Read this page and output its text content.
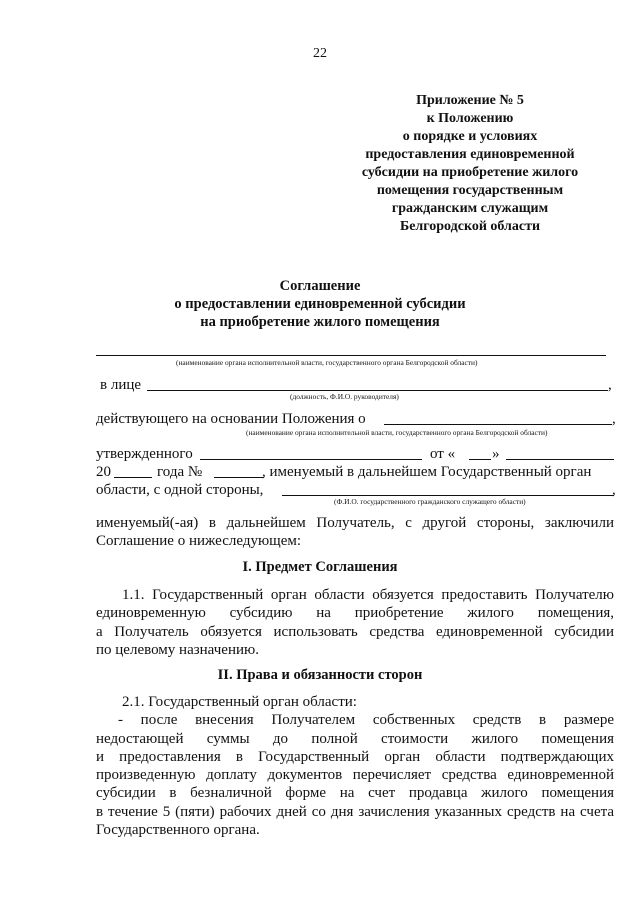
22
Приложение № 5
к Положению
о порядке и условиях
предоставления единовременной
субсидии на приобретение жилого
помещения государственным
гражданским служащим
Белгородской области
Соглашение
о предоставлении единовременной субсидии
на приобретение жилого помещения
(наименование органа исполнительной власти, государственного органа Белгородской области)
в лице	,
(должность, Ф.И.О. руководителя)
действующего на основании Положения о	,
(наименование органа исполнительной власти, государственного органа Белгородской области)
утвержденного	от « »
20	года №	, именуемый в дальнейшем Государственный орган
области, с одной стороны,	,
(Ф.И.О. государственного гражданского служащего области)
именуемый(-ая) в дальнейшем Получатель, с другой стороны, заключили
Соглашение о нижеследующем:
I. Предмет Соглашения
1.1. Государственный орган области обязуется предоставить Получателю
единовременную субсидию на приобретение жилого помещения,
а Получатель обязуется использовать средства единовременной субсидии
по целевому назначению.
II. Права и обязанности сторон
2.1. Государственный орган области:
- после внесения Получателем собственных средств в размере
недостающей суммы до полной стоимости жилого помещения
и предоставления в Государственный орган области подтверждающих
произведенную доплату документов перечисляет средства единовременной
субсидии в безналичной форме на счет продавца жилого помещения
в течение 5 (пяти) рабочих дней со дня зачисления указанных средств на счета
Государственного органа.
